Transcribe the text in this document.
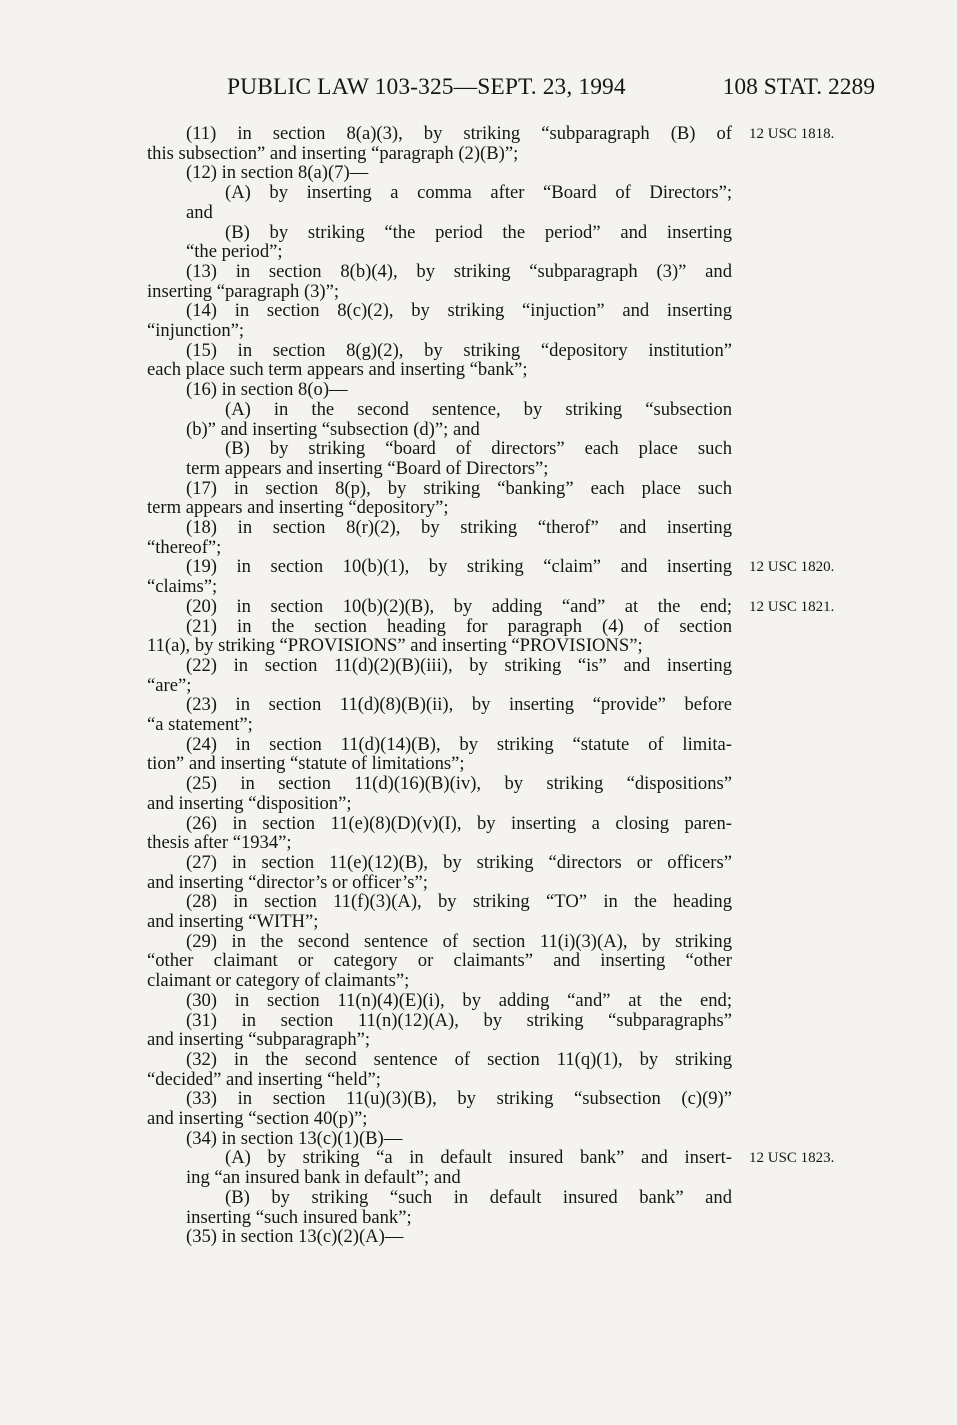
PUBLIC LAW 103-325—SEPT. 23, 1994	108 STAT. 2289
(11) in section 8(a)(3), by striking “subparagraph (B) of
this subsection” and inserting “paragraph (2)(B)”;
(12) in section 8(a)(7)—
(A) by inserting a comma after “Board of Directors”;
and
(B) by striking “the period the period” and inserting
“the period”;
(13) in section 8(b)(4), by striking “subparagraph (3)” and
inserting “paragraph (3)”;
(14) in section 8(c)(2), by striking “injuction” and inserting
“injunction”;
(15) in section 8(g)(2), by striking “depository institution”
each place such term appears and inserting “bank”;
(16) in section 8(o)—
(A) in the second sentence, by striking “subsection
(b)” and inserting “subsection (d)”; and
(B) by striking “board of directors” each place such
term appears and inserting “Board of Directors”;
(17) in section 8(p), by striking “banking” each place such
term appears and inserting “depository”;
(18) in section 8(r)(2), by striking “therof” and inserting
“thereof”;
(19) in section 10(b)(1), by striking “claim” and inserting
“claims”;
(20) in section 10(b)(2)(B), by adding “and” at the end;
(21) in the section heading for paragraph (4) of section
11(a), by striking “PROVISIONS” and inserting “PROVISIONS”;
(22) in section 11(d)(2)(B)(iii), by striking “is” and inserting
“are”;
(23) in section 11(d)(8)(B)(ii), by inserting “provide” before
“a statement”;
(24) in section 11(d)(14)(B), by striking “statute of limita-
tion” and inserting “statute of limitations”;
(25) in section 11(d)(16)(B)(iv), by striking “dispositions”
and inserting “disposition”;
(26) in section 11(e)(8)(D)(v)(I), by inserting a closing paren-
thesis after “1934”;
(27) in section 11(e)(12)(B), by striking “directors or officers”
and inserting “director’s or officer’s”;
(28) in section 11(f)(3)(A), by striking “TO” in the heading
and inserting “WITH”;
(29) in the second sentence of section 11(i)(3)(A), by striking
“other claimant or category or claimants” and inserting “other
claimant or category of claimants”;
(30) in section 11(n)(4)(E)(i), by adding “and” at the end;
(31) in section 11(n)(12)(A), by striking “subparagraphs”
and inserting “subparagraph”;
(32) in the second sentence of section 11(q)(1), by striking
“decided” and inserting “held”;
(33) in section 11(u)(3)(B), by striking “subsection (c)(9)”
and inserting “section 40(p)”;
(34) in section 13(c)(1)(B)—
(A) by striking “a in default insured bank” and insert-
ing “an insured bank in default”; and
(B) by striking “such in default insured bank” and
inserting “such insured bank”;
(35) in section 13(c)(2)(A)—
12 USC 1818.
12 USC 1820.
12 USC 1821.
12 USC 1823.
